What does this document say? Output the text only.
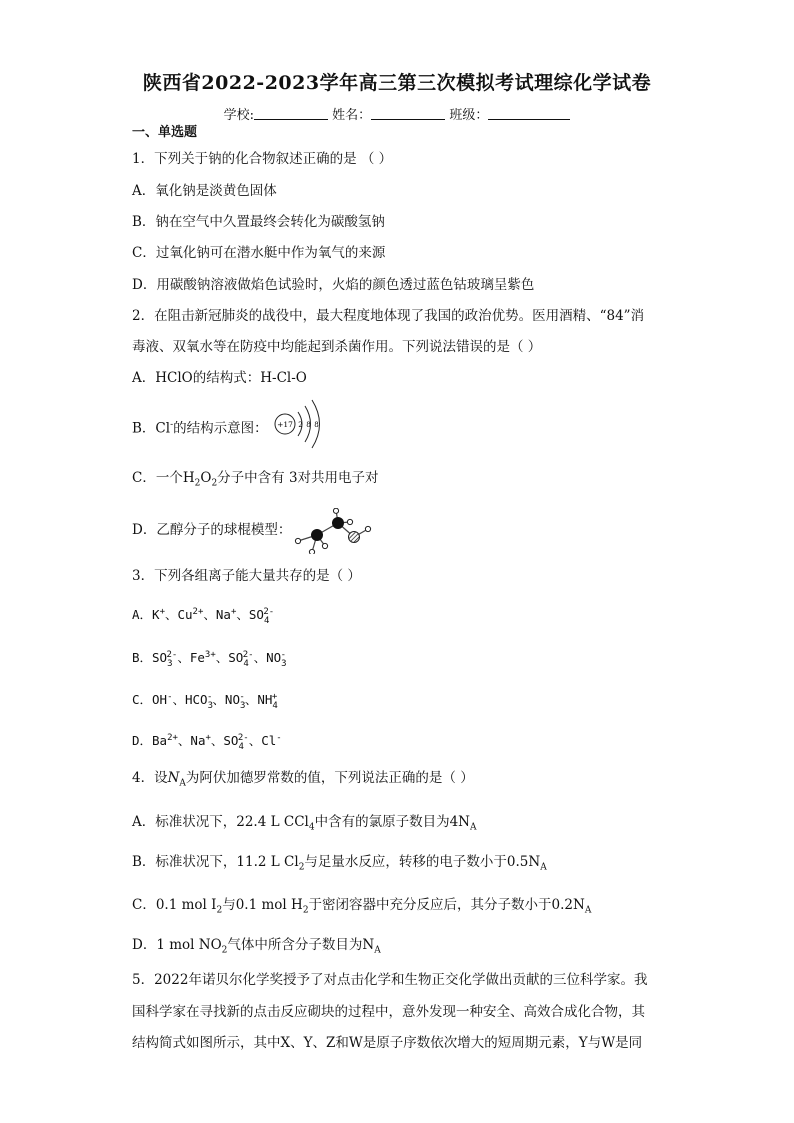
陕西省2022-2023学年高三第三次模拟考试理综化学试卷
学校:	姓名：	班级：
一、单选题
1．下列关于钠的化合物叙述正确的是 （ ）
A．氧化钠是淡黄色固体
B．钠在空气中久置最终会转化为碳酸氢钠
C．过氧化钠可在潜水艇中作为氧气的来源
D．用碳酸钠溶液做焰色试验时，火焰的颜色透过蓝色钴玻璃呈紫色
2．在阻击新冠肺炎的战役中，最大程度地体现了我国的政治优势。医用酒精、“84”消
毒液、双氧水等在防疫中均能起到杀菌作用。下列说法错误的是（ ）
A．HClO的结构式：H-Cl-O
B．Cl-的结构示意图： +17 2 8 8
C．一个$H_2O_2$分子中含有 3对共用电子对
D．乙醇分子的球棍模型：
3．下列各组离子能大量共存的是（ ）
A．K+、$Cu^{2+}$、Na+、$SO_4^{2-}$
B．$SO_3^{2-}$、$Fe^{3+}$、$SO_4^{2-}$、$NO_3^-$
C．OH-、$HCO_3^-$、$NO_3^-$、$NH_4^+$
D．$Ba^{2+}$、Na+、$SO_4^{2-}$、Cl-
4．设$N_A$为阿伏加德罗常数的值，下列说法正确的是（ ）
A．标准状况下，22.4 L CCl$_4$中含有的氯原子数目为$4N_A$
B．标准状况下，11.2 L $Cl_2$与足量水反应，转移的电子数小于$0.5N_A$
C．0.1 mol $I_2$与0.1 mol $H_2$于密闭容器中充分反应后，其分子数小于$0.2N_A$
D．1 mol $NO_2$气体中所含分子数目为$N_A$
5．2022年诺贝尔化学奖授予了对点击化学和生物正交化学做出贡献的三位科学家。我
国科学家在寻找新的点击反应砌块的过程中，意外发现一种安全、高效合成化合物，其
结构简式如图所示，其中X、Y、Z和W是原子序数依次增大的短周期元素，Y与W是同
